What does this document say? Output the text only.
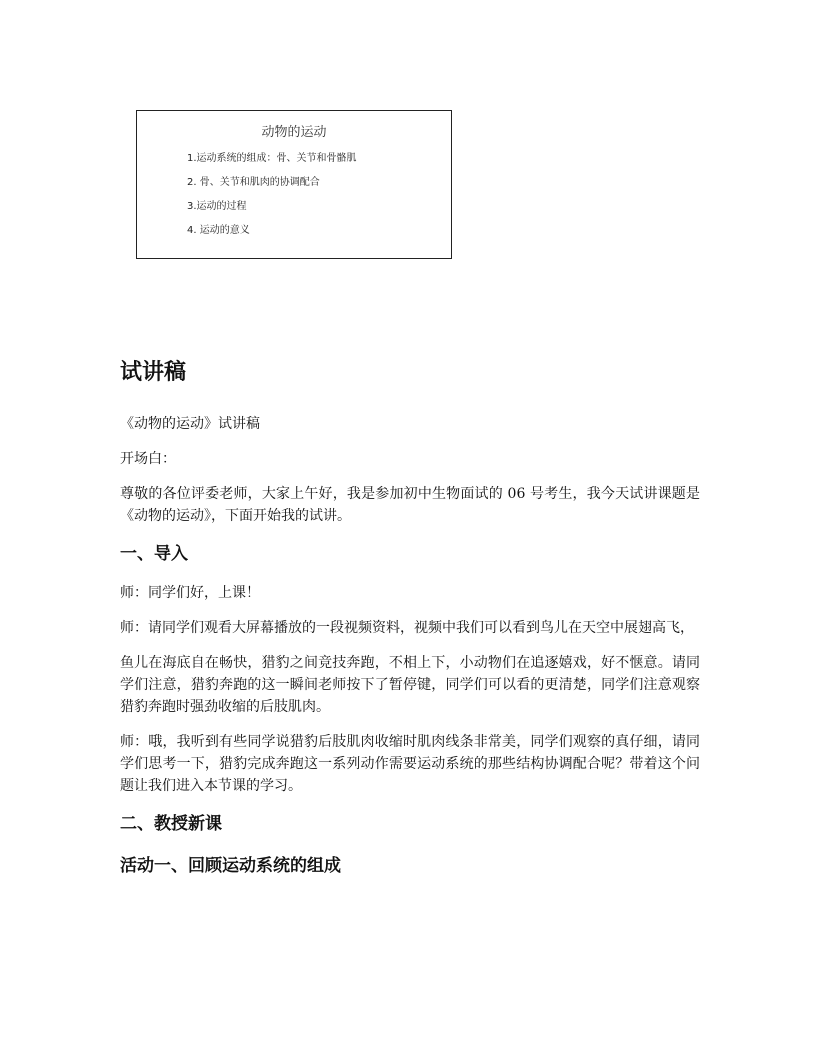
动物的运动
1.运动系统的组成：骨、关节和骨骼肌
2. 骨、关节和肌肉的协调配合
3.运动的过程
4. 运动的意义
试讲稿

《动物的运动》试讲稿

开场白：

尊敬的各位评委老师，大家上午好，我是参加初中生物面试的 06 号考生，我今天试讲课题是《动物的运动》，下面开始我的试讲。

一、导入

师：同学们好，上课！

师：请同学们观看大屏幕播放的一段视频资料，视频中我们可以看到鸟儿在天空中展翅高飞，

鱼儿在海底自在畅快，猎豹之间竞技奔跑，不相上下，小动物们在追逐嬉戏，好不惬意。请同学们注意，猎豹奔跑的这一瞬间老师按下了暂停键，同学们可以看的更清楚，同学们注意观察猎豹奔跑时强劲收缩的后肢肌肉。

师：哦，我听到有些同学说猎豹后肢肌肉收缩时肌肉线条非常美，同学们观察的真仔细，请同学们思考一下，猎豹完成奔跑这一系列动作需要运动系统的那些结构协调配合呢？带着这个问题让我们进入本节课的学习。

二、教授新课
活动一、回顾运动系统的组成
